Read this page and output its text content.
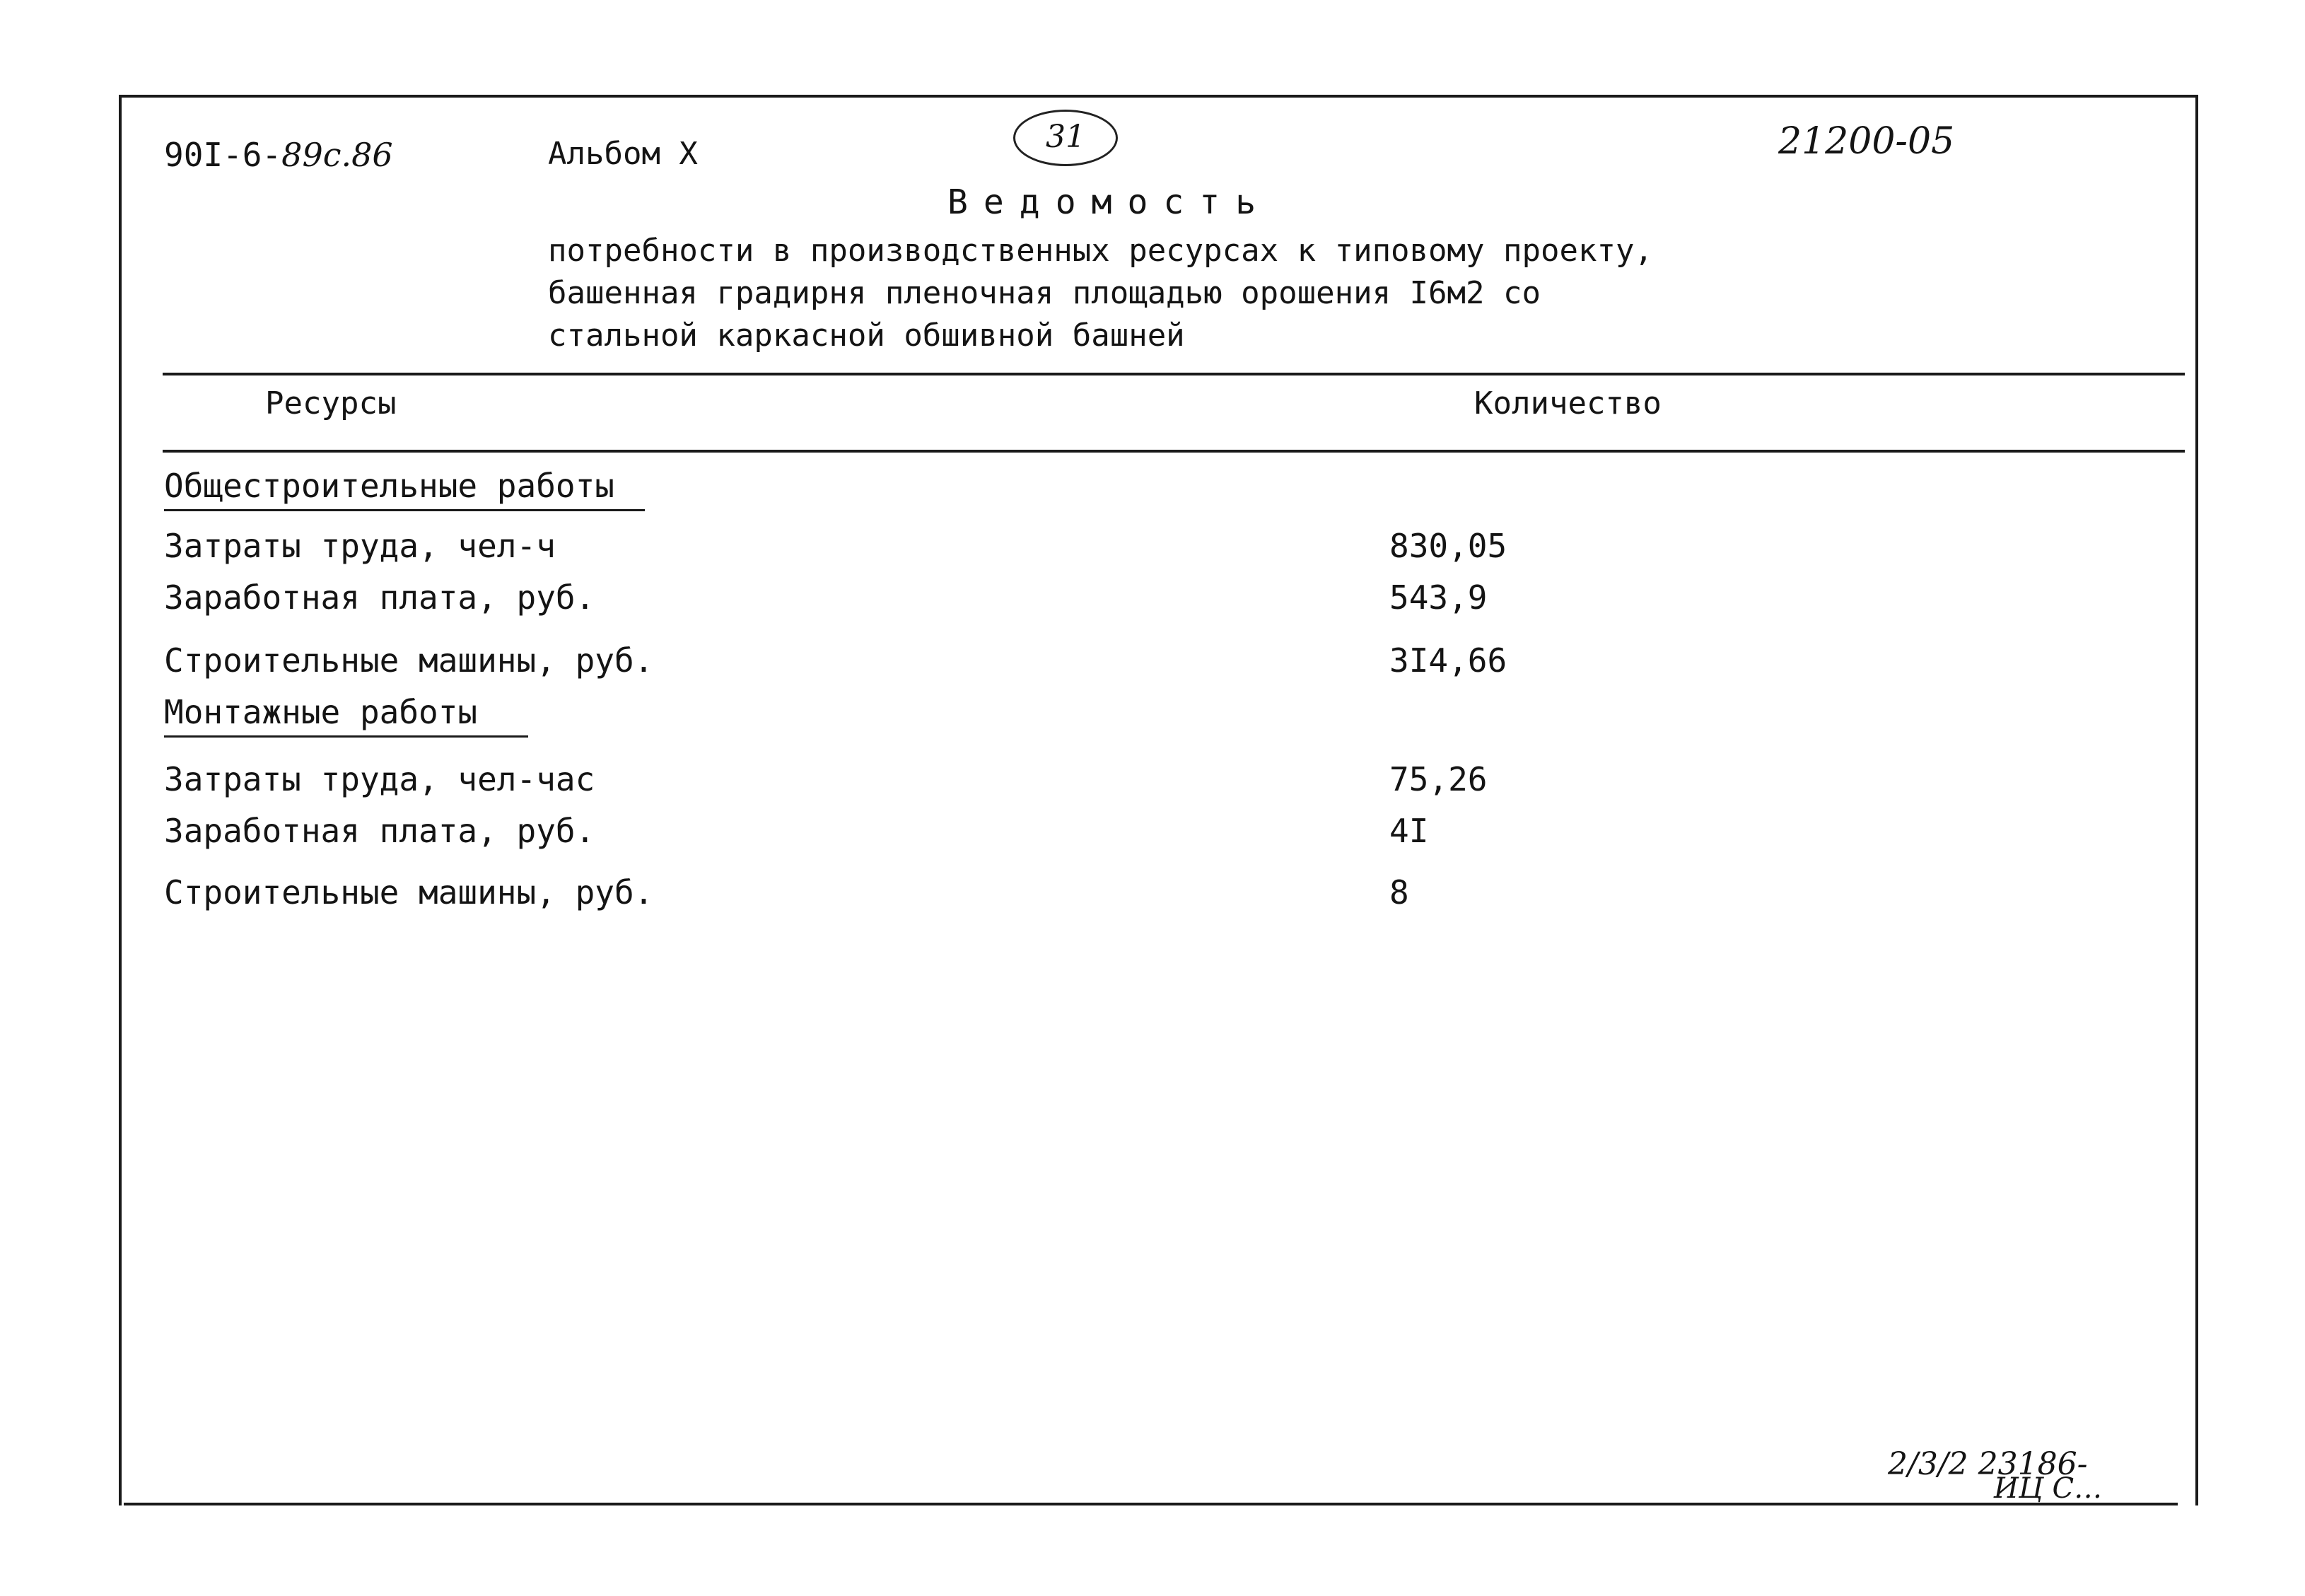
90I-6-89c.86	Альбом X	31	21200-05
Ведомость
потребности в производственных ресурсах к типовому проекту,
башенная градирня пленочная площадью орошения I6м2 со
стальной каркасной обшивной башней
Ресурсы	Количество
Общестроительные работы
Затраты труда, чел-ч	830,05
Заработная плата, руб.	543,9
Строительные машины, руб.	3I4,66
Монтажные работы
Затраты труда, чел-час	75,26
Заработная плата, руб.	4I
Строительные машины, руб.	8
2/3/2 23186-
ИЦ С…
